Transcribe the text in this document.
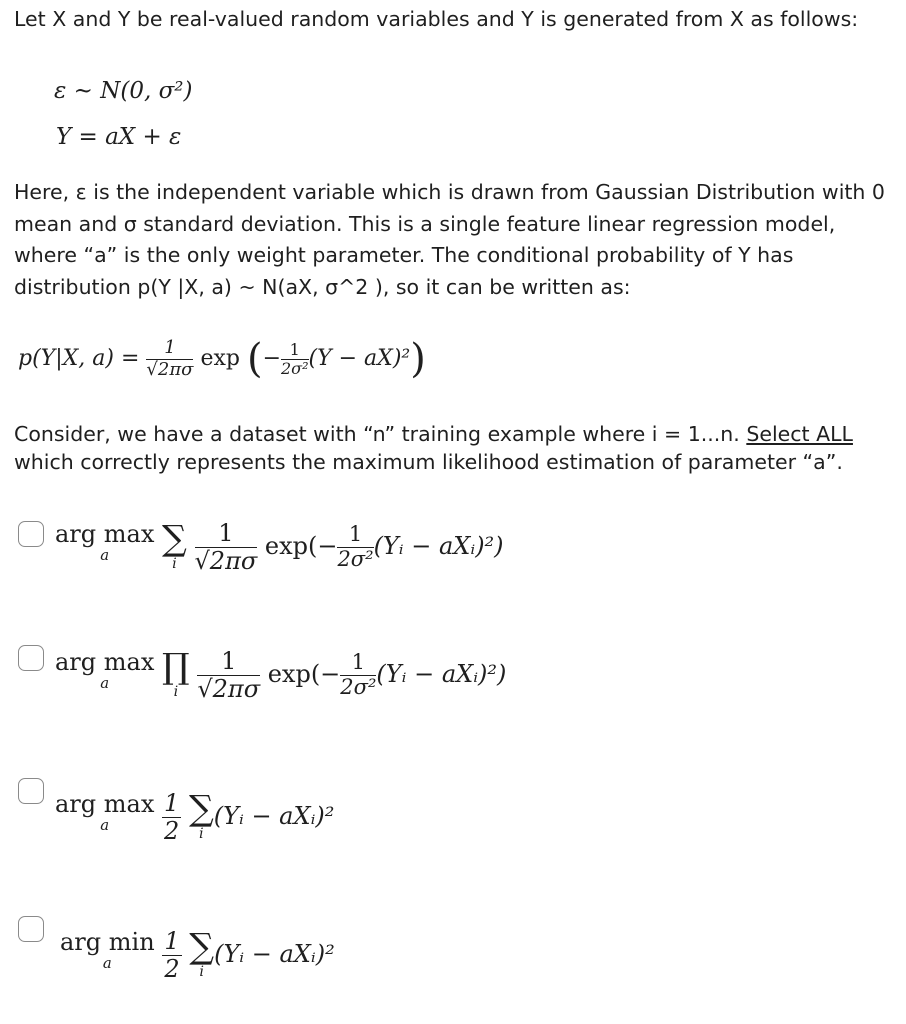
Let X and Y be real-valued random variables and Y is generated from X as follows:

ε ~ N(0, σ²)
Y = aX + ε

Here, ε is the independent variable which is drawn from Gaussian Distribution with 0

mean and σ standard deviation. This is a single feature linear regression model,

where “a” is the only weight parameter. The conditional probability of Y has

distribution p(Y |X, a) ~ N(aX, σ^2 ), so it can be written as:

p(Y|X, $a) = \frac{1}{√2\pi\sigma}$ exp (− $\frac{1}{\text{2σ²}} (Y - aX)^2$)

Consider, we have a dataset with “n” training example where i = 1...n. Select ALL

which correctly represents the maximum likelihood estimation of parameter “a”.

arg max
a
	∑
i
$\frac{1}{√2\pi\sigma} \exp(- \frac{1}{\text{2σ²}}$ (Yᵢ − aXᵢ)²)
arg max
a
	∏
i
$\frac{1}{√2\pi\sigma} \exp(- \frac{1}{\text{2σ²}}$ (Yᵢ − aXᵢ)²)
arg max
a
	$\frac{1}{2}$
∑
i
(Yᵢ − aXᵢ)²
arg min
a
	$\frac{1}{2}$
∑
i
(Yᵢ − aXᵢ)²
